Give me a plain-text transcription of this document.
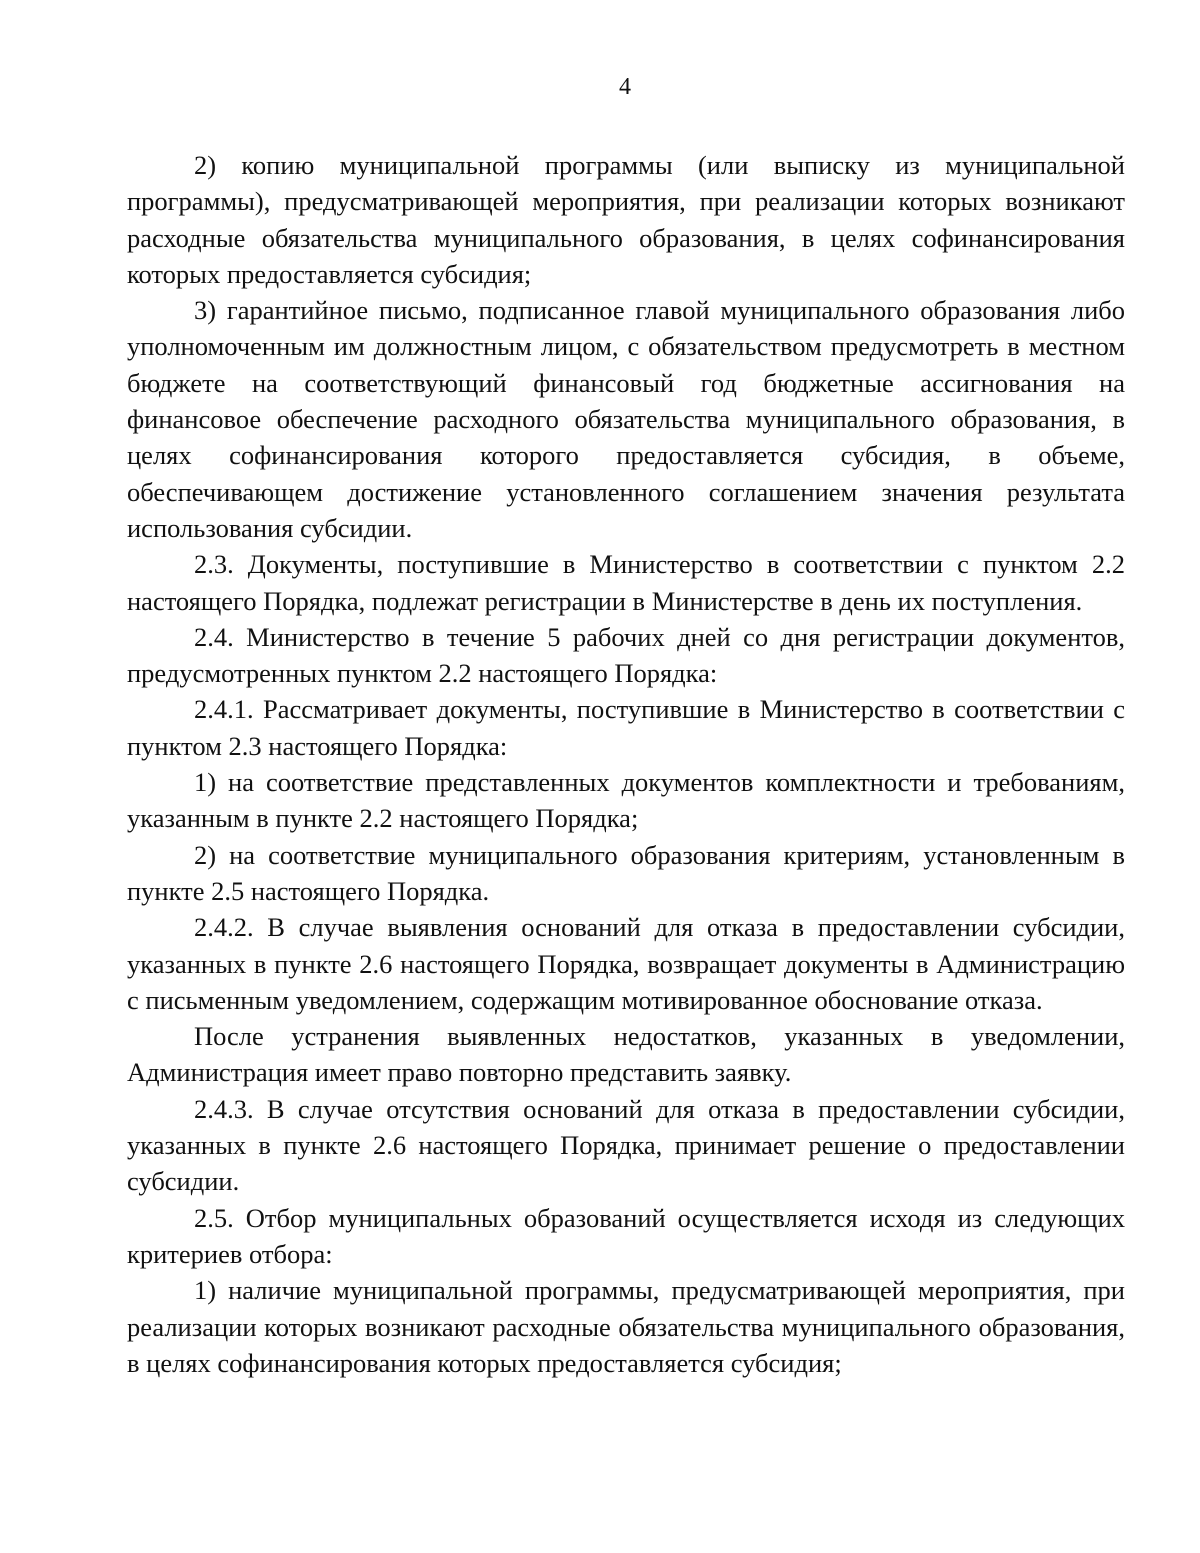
4

2) копию муниципальной программы (или выписку из муниципальной программы), предусматривающей мероприятия, при реализации которых возникают расходные обязательства муниципального образования, в целях софинансирования которых предоставляется субсидия;

3) гарантийное письмо, подписанное главой муниципального образования либо уполномоченным им должностным лицом, с обязательством предусмотреть в местном бюджете на соответствующий финансовый год бюджетные ассигнования на финансовое обеспечение расходного обязательства муниципального образования, в целях софинансирования которого предоставляется субсидия, в объеме, обеспечивающем достижение установленного соглашением значения результата использования субсидии.

2.3. Документы, поступившие в Министерство в соответствии с пунктом 2.2 настоящего Порядка, подлежат регистрации в Министерстве в день их поступления.

2.4. Министерство в течение 5 рабочих дней со дня регистрации документов, предусмотренных пунктом 2.2 настоящего Порядка:

2.4.1. Рассматривает документы, поступившие в Министерство в соответствии с пунктом 2.3 настоящего Порядка:

1) на соответствие представленных документов комплектности и требованиям, указанным в пункте 2.2 настоящего Порядка;

2) на соответствие муниципального образования критериям, установленным в пункте 2.5 настоящего Порядка.

2.4.2. В случае выявления оснований для отказа в предоставлении субсидии, указанных в пункте 2.6 настоящего Порядка, возвращает документы в Администрацию с письменным уведомлением, содержащим мотивированное обоснование отказа.

После устранения выявленных недостатков, указанных в уведомлении, Администрация имеет право повторно представить заявку.

2.4.3. В случае отсутствия оснований для отказа в предоставлении субсидии, указанных в пункте 2.6 настоящего Порядка, принимает решение о предоставлении субсидии.

2.5. Отбор муниципальных образований осуществляется исходя из следующих критериев отбора:

1) наличие муниципальной программы, предусматривающей мероприятия, при реализации которых возникают расходные обязательства муниципального образования, в целях софинансирования которых предоставляется субсидия;
